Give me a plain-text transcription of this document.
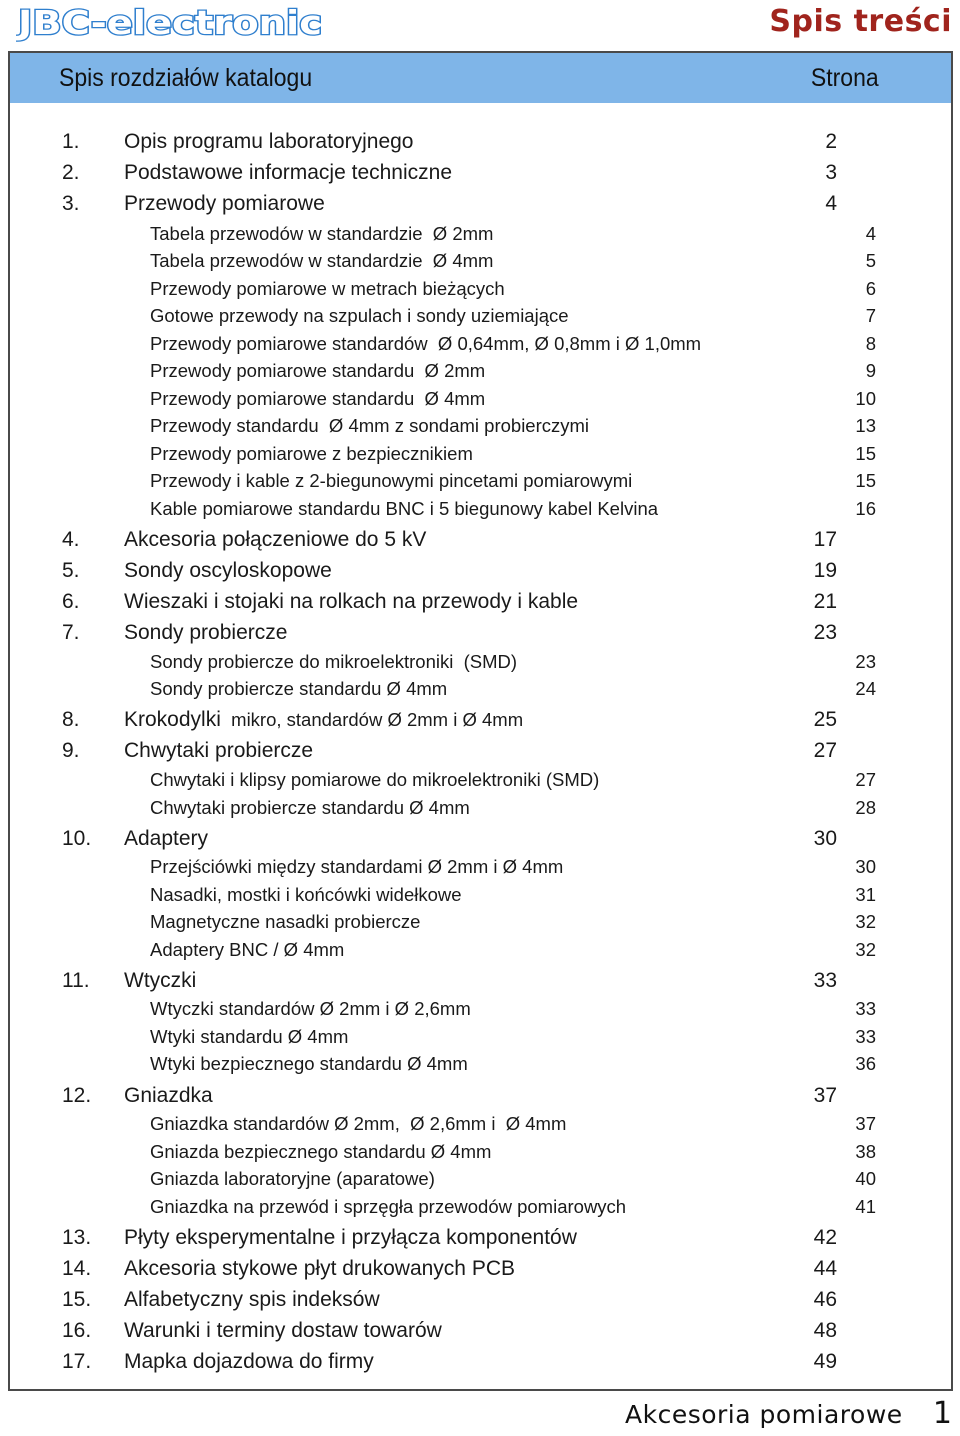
JBC-electronic	Spis treści
Spis rozdziałów katalogu	Strona
1. Opis programu laboratoryjnego	2
2. Podstawowe informacje techniczne	3
3. Przewody pomiarowe	4
Tabela przewodów w standardzie  Ø 2mm	4
Tabela przewodów w standardzie  Ø 4mm	5
Przewody pomiarowe w metrach bieżących	6
Gotowe przewody na szpulach i sondy uziemiające	7
Przewody pomiarowe standardów  Ø 0,64mm, Ø 0,8mm i Ø 1,0mm	8
Przewody pomiarowe standardu  Ø 2mm	9
Przewody pomiarowe standardu  Ø 4mm	10
Przewody standardu  Ø 4mm z sondami probierczymi	13
Przewody pomiarowe z bezpiecznikiem	15
Przewody i kable z 2-biegunowymi pincetami pomiarowymi	15
Kable pomiarowe standardu BNC i 5 biegunowy kabel Kelvina	16
4. Akcesoria połączeniowe do 5 kV	17
5. Sondy oscyloskopowe	19
6. Wieszaki i stojaki na rolkach na przewody i kable	21
7. Sondy probiercze	23
Sondy probiercze do mikroelektroniki  (SMD)	23
Sondy probiercze standardu Ø 4mm	24
8. Krokodylki  mikro, standardów Ø 2mm i Ø 4mm	25
9. Chwytaki probiercze	27
Chwytaki i klipsy pomiarowe do mikroelektroniki (SMD)	27
Chwytaki probiercze standardu Ø 4mm	28
10. Adaptery	30
Przejściówki między standardami Ø 2mm i Ø 4mm	30
Nasadki, mostki i końcówki widełkowe	31
Magnetyczne nasadki probiercze	32
Adaptery BNC / Ø 4mm	32
11. Wtyczki	33
Wtyczki standardów Ø 2mm i Ø 2,6mm	33
Wtyki standardu Ø 4mm	33
Wtyki bezpiecznego standardu Ø 4mm	36
12. Gniazdka	37
Gniazdka standardów Ø 2mm,  Ø 2,6mm i  Ø 4mm	37
Gniazda bezpiecznego standardu Ø 4mm	38
Gniazda laboratoryjne (aparatowe)	40
Gniazdka na przewód i sprzęgła przewodów pomiarowych	41
13. Płyty eksperymentalne i przyłącza komponentów	42
14. Akcesoria stykowe płyt drukowanych PCB	44
15. Alfabetyczny spis indeksów	46
16. Warunki i terminy dostaw towarów	48
17. Mapka dojazdowa do firmy	49
Akcesoria pomiarowe 1
